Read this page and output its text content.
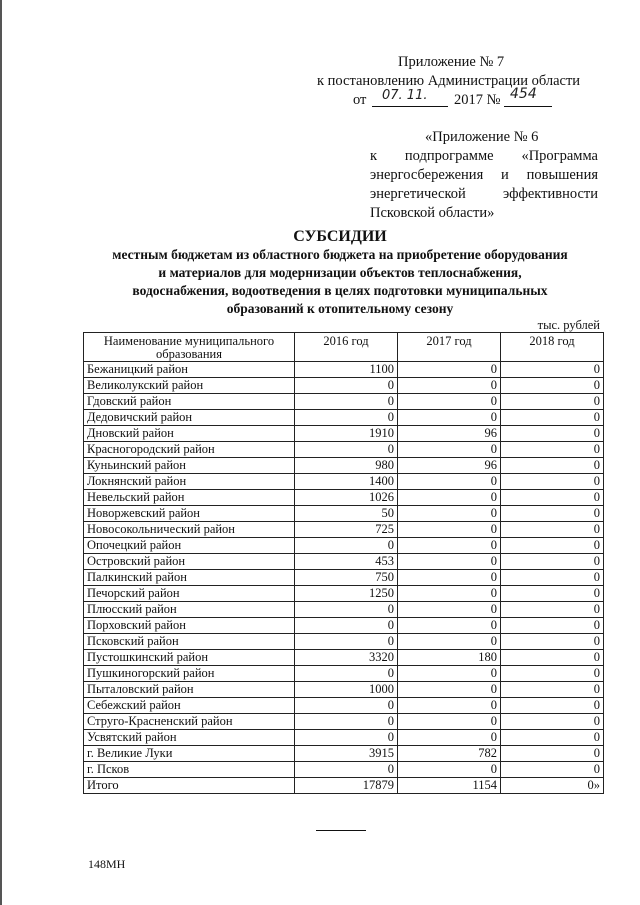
Приложение № 7
к постановлению Администрации области
от 07. 11. 2017 № 454
«Приложение № 6
к подпрограмме «Программа
энергосбережения и повышения
энергетической эффективности
Псковской области»
СУБСИДИИ
местным бюджетам из областного бюджета на приобретение оборудования
и материалов для модернизации объектов теплоснабжения,
водоснабжения, водоотведения в целях подготовки муниципальных
образований к отопительному сезону
тыс. рублей
Наименование муниципального образования	2016 год	2017 год	2018 год
Бежаницкий район	1100	0	0
Великолукский район	0	0	0
Гдовский район	0	0	0
Дедовичский район	0	0	0
Дновский район	1910	96	0
Красногородский район	0	0	0
Куньинский район	980	96	0
Локнянский район	1400	0	0
Невельский район	1026	0	0
Новоржевский район	50	0	0
Новосокольнический район	725	0	0
Опочецкий район	0	0	0
Островский район	453	0	0
Палкинский район	750	0	0
Печорский район	1250	0	0
Плюсский район	0	0	0
Порховский район	0	0	0
Псковский район	0	0	0
Пустошкинский район	3320	180	0
Пушкиногорский район	0	0	0
Пыталовский район	1000	0	0
Себежский район	0	0	0
Струго-Красненский район	0	0	0
Усвятский район	0	0	0
г. Великие Луки	3915	782	0
г. Псков	0	0	0
Итого	17879	1154	0»
148МН
